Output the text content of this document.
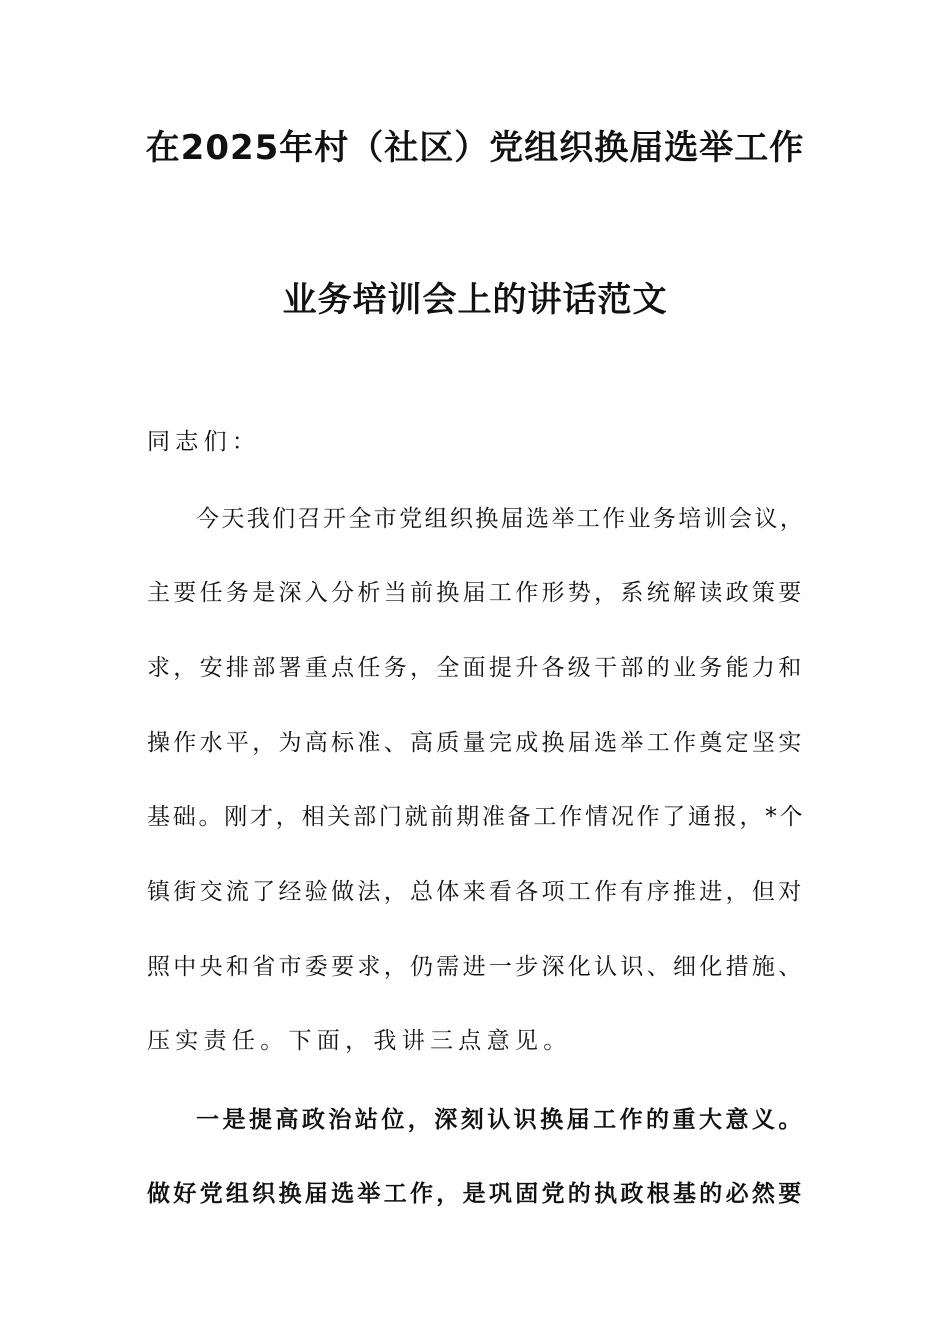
在2025年村（社区）党组织换届选举工作
业务培训会上的讲话范文
同志们：
今天我们召开全市党组织换届选举工作业务培训会议，
主要任务是深入分析当前换届工作形势，系统解读政策要
求，安排部署重点任务，全面提升各级干部的业务能力和
操作水平，为高标准、高质量完成换届选举工作奠定坚实
基础。刚才，相关部门就前期准备工作情况作了通报，*个
镇街交流了经验做法，总体来看各项工作有序推进，但对
照中央和省市委要求，仍需进一步深化认识、细化措施、
压实责任。下面，我讲三点意见。
一是提高政治站位，深刻认识换届工作的重大意义。
做好党组织换届选举工作，是巩固党的执政根基的必然要
